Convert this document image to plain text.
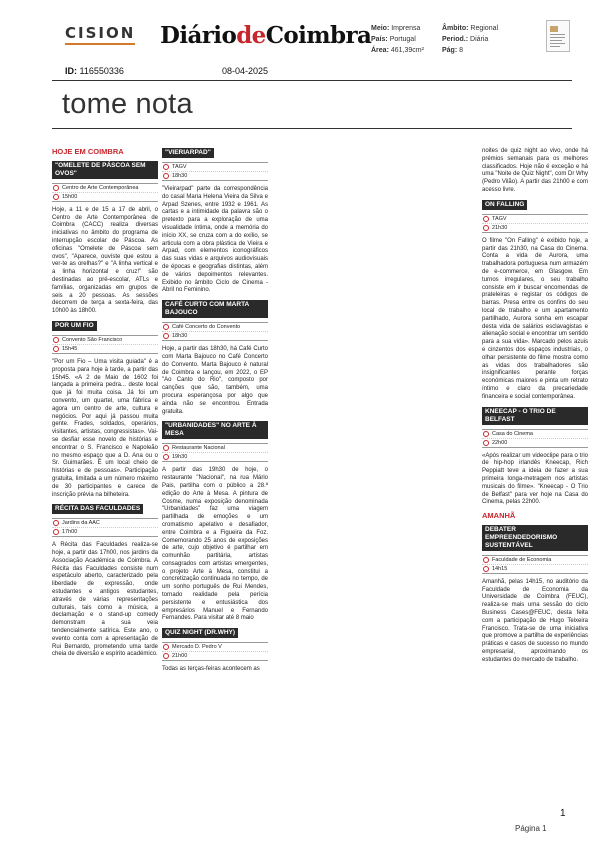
CISION DiáriodeCoimbra Meio: Imprensa
País: Portugal
Área: 461,39cm²
Âmbito: Regional
Period.: Diária
Pág: 8
ID: 116550336	08-04-2025
tome nota
HOJE EM COIMBRA
"OMELETE DE PÁSCOA SEM OVOS"
Centro de Arte Contemporânea
15h00

Hoje, a 11 e de 15 a 17 de abril, o Centro de Arte Contemporânea de Coimbra (CACC) realiza diversas iniciativas no âmbito do programa de interrupção escolar de Páscoa. As oficinas "Omelete de Páscoa sem ovos", "Aparece, ouvíste que estou a ver-te as orelhas?" e "A linha vertical e a linha horizontal e cruz!" são destinadas ao pré-escolar, ATLs e famílias, organizadas em grupos de seis a 20 pessoas. As sessões decorrem de terça a sexta-feira, das 10h00 às 18h00.

POR UM FIO
Convento São Francisco
15h45

"Por um Fio – Uma visita guiada" é a proposta para hoje à tarde, a partir das 15h45. «A 2 de Maio de 1602 foi lançada a primeira pedra... deste local que já foi muita coisa. Já foi um convento, um quartel, uma fábrica e agora um centro de arte, cultura e negócios. Por aqui já passou muita gente. Frades, soldados, operários, visitantes, artistas, congressistas». Vai-se desfiar esse novelo de histórias e encontrar o S. Francisco e Napoleão no mesmo espaço que a D. Ana ou o Sr. Guimarães. É um local cheio de histórias e de pessoas». Participação gratuita, limitada a um número máximo de 30 participantes e carece de inscrição prévia na bilheteira.

RÉCITA DAS FACULDADES
Jardins da AAC
17h00

A Récita das Faculdades realiza-se hoje, a partir das 17h00, nos jardins da Associação Académica de Coimbra. A Récita das Faculdades consiste num espetáculo aberto, caracterizado pela liberdade de expressão, onde estudantes e antigos estudantes, através de várias representações culturais, tais como a música, a declamação e o stand-up comedy demonstram a sua veia tendencialmente satírica. Este ano, o evento conta com a apresentação de Rui Bernardo, prometendo uma tarde cheia de diversão e espírito académico.

"VIERIARPAD"
TAGV
18h30

"Vieirarpad" parte da correspondência do casal Maria Helena Vieira da Silva e Arpad Szenes, entre 1932 e 1961. As cartas e a intimidade da palavra são o pretexto para a exploração de uma visualidade íntima, onde a memória do início XX, se cruza com a do exílio, se articula com a obra plástica de Vieira e Arpad, com elementos iconográficos das suas vidas e arquivos audiovisuais de épocas e geografias distintas, além de vários depoimentos relevantes. Exibido no âmbito Ciclo de Cinema - Abril no Feminino.

CAFÉ CURTO COM MARTA BAJOUCO
Café Concerto do Convento
18h30

Hoje, a partir das 18h30, há Café Curto com Marta Bajouco no Café Concerto do Convento. Marta Bajouco é natural de Coimbra e lançou, em 2022, o EP "Ao Canto do Rio", composto por canções que são, também, uma procura esperançosa por algo que ainda não se encontrou. Entrada gratuita.

"URBANIDADES" NO ARTE À MESA
Restaurante Nacional
19h30

A partir das 19h30 de hoje, o restaurante "Nacional", na rua Mário Pais, partilha com o público a 28.ª edição do Arte à Mesa. A pintura de Cosme, numa exposição denominada "Urbanidades" faz uma viagem partilhada de emoções e um cromatismo apelativo e desafiador, entre Coimbra e a Figueira da Foz. Comemorando 25 anos de exposições de arte, cujo objetivo é partilhar em comunhão partitária, artistas consagrados com artistas emergentes, o projeto Arte à Mesa, constitui a concretização continuada no tempo, de um sonho português de Rui Mendes, tornado realidade pela perícia persistente e entusiástica dos empresários Manuel e Fernando Fernandes. Para visitar até 8 maio

QUIZ NIGHT (DR.WHY)
Mercado D. Pedro V
21h00

Todas as terças-feiras acontecem as

noites de quiz night ao vivo, onde há prémios semanais para os melhores classificados. Hoje não é exceção e há uma "Noite de Quiz Night", com Dr Why (Pedro Vilão). A partir das 21h00 e com acesso livre.

ON FALLING
TAGV
21h30

O filme "On Falling" é exibido hoje, a partir das 21h30, na Casa do Cinema. Conta a vida de Aurora, uma trabalhadora portuguesa num armazém de e-commerce, em Glasgow. Em turnos irregulares, o seu trabalho consiste em ir buscar encomendas de prateleiras e registar os códigos de barras. Presa entre os confins do seu local de trabalho e um apartamento partilhado, Aurora sonha em escapar desta vida de salários esclavagistas e alienação social e encontrar um sentido para a sua vida». Marcado pelos azuis e cinzentos dos espaços industriais, o olhar persistente do filme mostra como as vidas dos trabalhadores são insignificantes perante forças económicas maiores e pinta um retrato íntimo e claro da precariedade financeira e social contemporânea.

KNEECAP - O TRIO DE BELFAST
Casa do Cinema
22h00

«Após realizar um videoclipe para o trio de hip-hop irlandês Kneecap, Rich Peppiatt teve a ideia de fazer a sua primeira longa-metragem nos artistas musicais do filme». "Kneecap - O Trio de Belfast" para ver hoje na Casa do Cinema, pelas 22h00.

AMANHÃ
DEBATER EMPREENDEDORISMO SUSTENTÁVEL
Faculdade de Economia
14h15

Amanhã, pelas 14h15, no auditório da Faculdade de Economia da Universidade de Coimbra (FEUC), realiza-se mais uma sessão do ciclo Business Cases@FEUC, desta feita com a participação de Hugo Teixeira Francisco. Trata-se de uma iniciativa que promove a partilha de experiências práticas e casos de sucesso no mundo empresarial, aproximando os estudantes do mercado de trabalho.

1
Página 1
